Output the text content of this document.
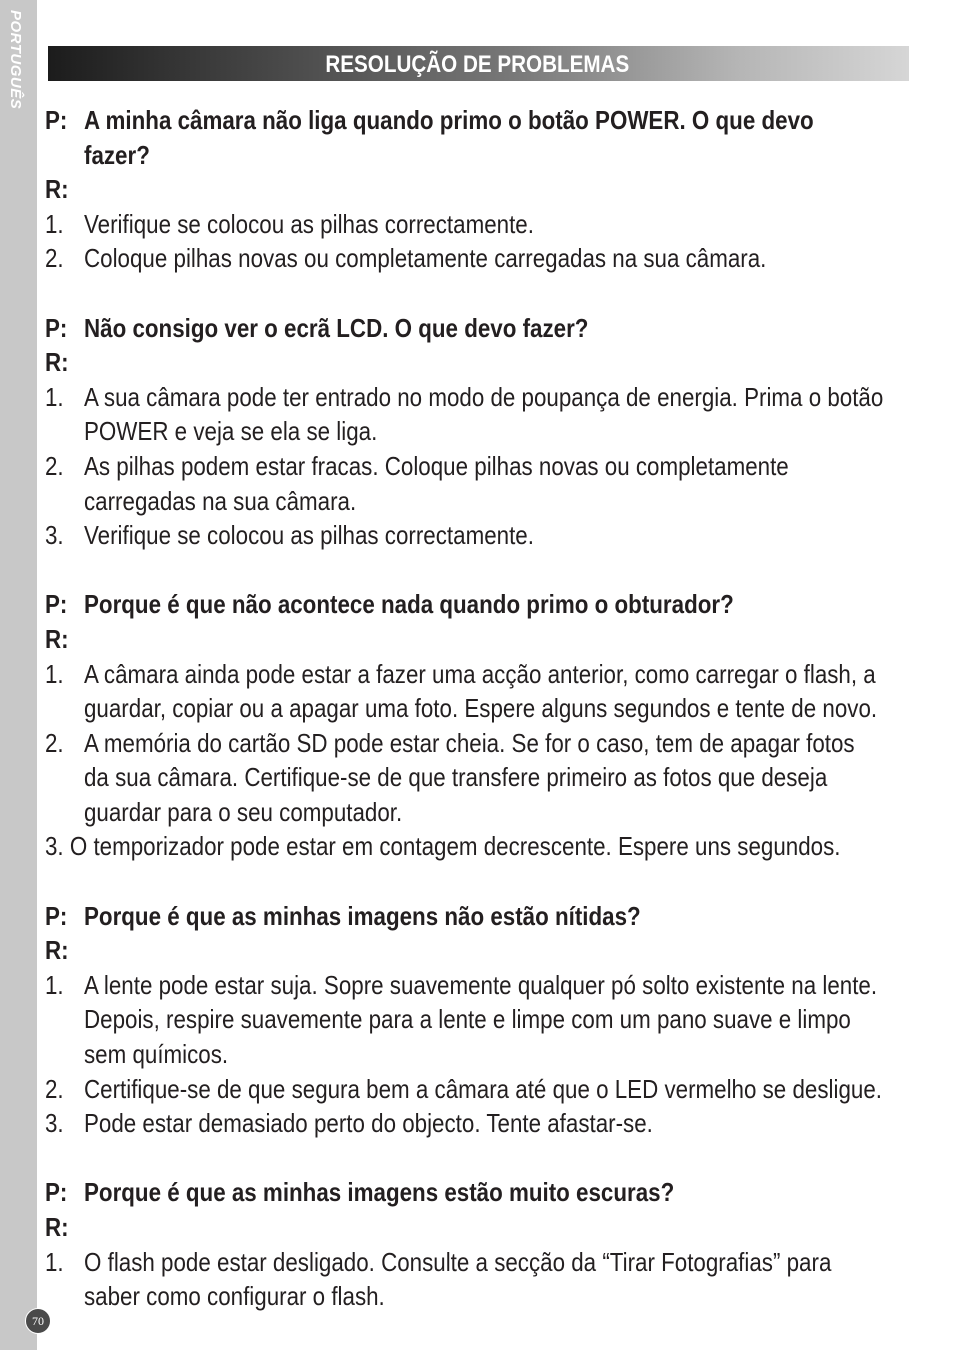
PORTUGUÊS
70
RESOLUÇÃO DE PROBLEMAS
P: A minha câmara não liga quando primo o botão POWER. O que devo
fazer?
R:
1. Verifique se colocou as pilhas correctamente.
2. Coloque pilhas novas ou completamente carregadas na sua câmara.
P: Não consigo ver o ecrã LCD. O que devo fazer?
R:
1. A sua câmara pode ter entrado no modo de poupança de energia. Prima o botão
POWER e veja se ela se liga.
2. As pilhas podem estar fracas. Coloque pilhas novas ou completamente
carregadas na sua câmara.
3. Verifique se colocou as pilhas correctamente.
P: Porque é que não acontece nada quando primo o obturador?
R:
1. A câmara ainda pode estar a fazer uma acção anterior, como carregar o flash, a
guardar, copiar ou a apagar uma foto. Espere alguns segundos e tente de novo.
2. A memória do cartão SD pode estar cheia. Se for o caso, tem de apagar fotos
da sua câmara. Certifique-se de que transfere primeiro as fotos que deseja
guardar para o seu computador.
3. O temporizador pode estar em contagem decrescente. Espere uns segundos.
P: Porque é que as minhas imagens não estão nítidas?
R:
1. A lente pode estar suja. Sopre suavemente qualquer pó solto existente na lente.
Depois, respire suavemente para a lente e limpe com um pano suave e limpo
sem químicos.
2. Certifique-se de que segura bem a câmara até que o LED vermelho se desligue.
3. Pode estar demasiado perto do objecto. Tente afastar-se.
P: Porque é que as minhas imagens estão muito escuras?
R:
1. O flash pode estar desligado. Consulte a secção da “Tirar Fotografias” para
saber como configurar o flash.
